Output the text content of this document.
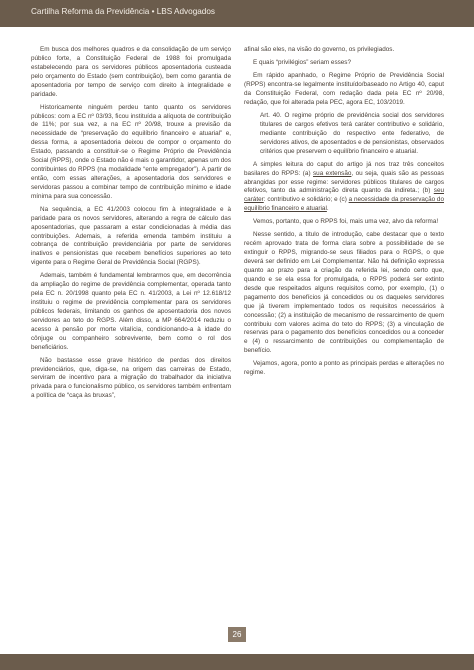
Cartilha Reforma da Previdência • LBS Advogados

Em busca dos melhores quadros e da consolidação de um serviço público forte, a Constituição Federal de 1988 foi promulgada estabelecendo para os servidores públicos aposentadoria custeada pelo orçamento do Estado (sem contribuição), bem como garantia de aposentadoria por tempo de serviço com direito à integralidade e paridade.

Historicamente ninguém perdeu tanto quanto os servidores públicos: com a EC nº 03/93, ficou instituída a alíquota de contribuição de 11%; por sua vez, a na EC nº 20/98, trouxe a previsão da necessidade de “preservação do equilíbrio financeiro e atuarial” e, dessa forma, a aposentadoria deixou de compor o orçamento do Estado, passando a constituir-se o Regime Próprio de Previdência Social (RPPS), onde o Estado não é mais o garantidor, apenas um dos contribuintes do RPPS (na modalidade “ente empregador”). A partir de então, com essas alterações, a aposentadoria dos servidores e servidoras passou a combinar tempo de contribuição mínimo e idade mínima para sua concessão.

Na sequência, a EC 41/2003 colocou fim à integralidade e à paridade para os novos servidores, alterando a regra de cálculo das aposentadorias, que passaram a estar condicionadas à média das contribuições. Ademais, a referida emenda também instituiu a cobrança de contribuição previdenciária por parte de servidores inativos e pensionistas que recebem benefícios superiores ao teto vigente para o Regime Geral de Previdência Social (RGPS).

Ademais, também é fundamental lembrarmos que, em decorrência da ampliação do regime de previdência complementar, operada tanto pela EC n. 20/1998 quanto pela EC n. 41/2003, a Lei nº 12.618/12 instituiu o regime de previdência complementar para os servidores públicos federais, limitando os ganhos de aposentadoria dos novos servidores ao teto do RGPS. Além disso, a MP 664/2014 reduziu o acesso à pensão por morte vitalícia, condicionando-a à idade do cônjuge ou companheiro sobrevivente, bem como o rol dos beneficiários.

Não bastasse esse grave histórico de perdas dos direitos previdenciários, que, diga-se, na origem das carreiras de Estado, serviram de incentivo para a migração do trabalhador da iniciativa privada para o funcionalismo público, os servidores também enfrentam a política de “caça às bruxas”,

afinal são eles, na visão do governo, os privilegiados.

E quais “privilégios” seriam esses?

Em rápido apanhado, o Regime Próprio de Previdência Social (RPPS) encontra-se legalmente instituído/baseado no Artigo 40, caput da Constituição Federal, com redação dada pela EC nº 20/98, redação, que foi alterada pela PEC, agora EC, 103/2019.

Art. 40. O regime próprio de previdência social dos servidores titulares de cargos efetivos terá caráter contributivo e solidário, mediante contribuição do respectivo ente federativo, de servidores ativos, de aposentados e de pensionistas, observados critérios que preservem o equilíbrio financeiro e atuarial.

A simples leitura do caput do artigo já nos traz três conceitos basilares do RPPS: (a) sua extensão, ou seja, quais são as pessoas abrangidas por esse regime: servidores públicos titulares de cargos efetivos, tanto da administração direta quanto da indireta.; (b) seu caráter: contributivo e solidário; e (c) a necessidade da preservação do equilíbrio financeiro e atuarial.

Vemos, portanto, que o RPPS foi, mais uma vez, alvo da reforma!

Nesse sentido, a título de introdução, cabe destacar que o texto recém aprovado trata de forma clara sobre a possibilidade de se extinguir o RPPS, migrando-se seus filiados para o RGPS, o que deverá ser definido em Lei Complementar. Não há definição expressa quanto ao prazo para a criação da referida lei, sendo certo que, quando e se ela essa for promulgada, o RPPS poderá ser extinto desde que respeitados alguns requisitos como, por exemplo, (1) o pagamento dos benefícios já concedidos ou os daqueles servidores que já tiverem implementado todos os requisitos necessários à concessão; (2) a instituição de mecanismo de ressarcimento de quem contribuiu com valores acima do teto do RPPS; (3) a vinculação de reservas para o pagamento dos benefícios concedidos ou a conceder e (4) o ressarcimento de contribuições ou complementação de benefício.

Vejamos, agora, ponto a ponto as principais perdas e alterações no regime.

26
